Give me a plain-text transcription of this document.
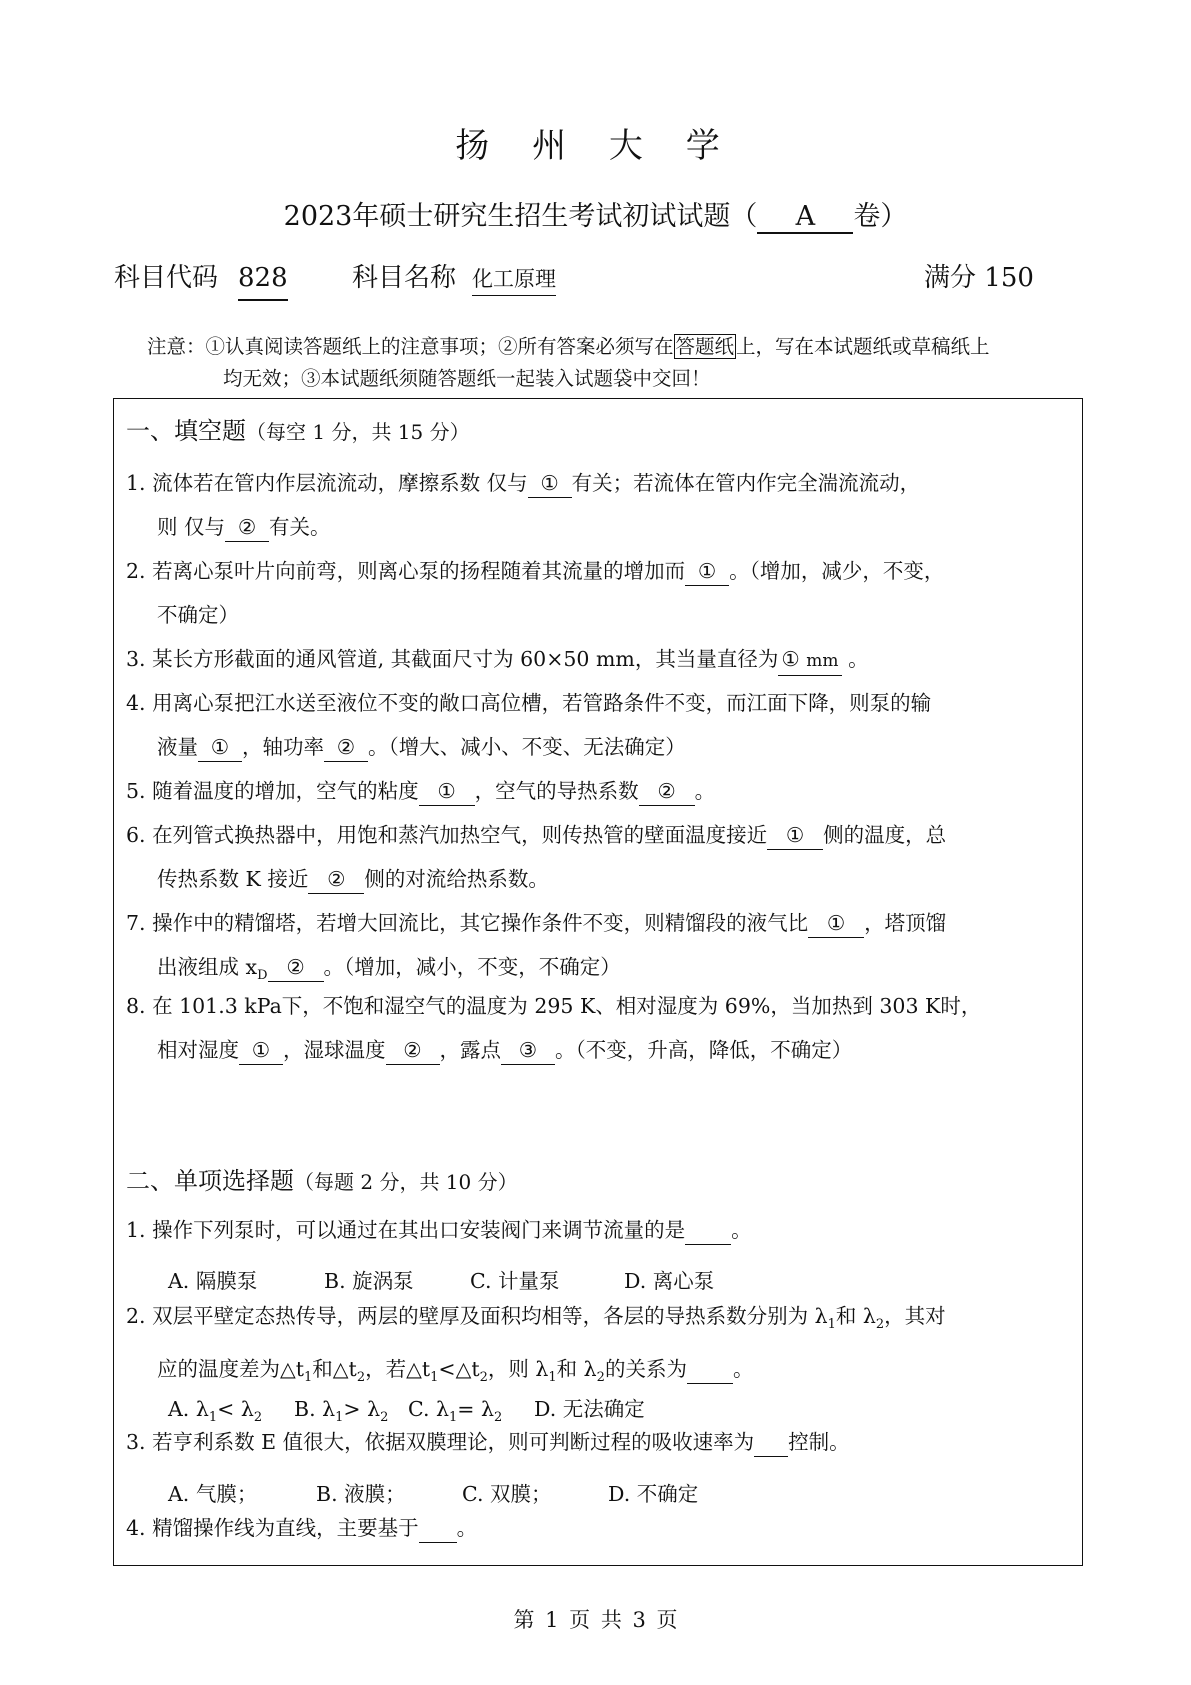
扬 州 大 学
2023年硕士研究生招生考试初试试题（ A 卷）
科目代码 828 科目名称 化工原理	满分 150
注意：①认真阅读答题纸上的注意事项；②所有答案必须写在 答题纸 上，写在本试题纸或草稿纸上
均无效；③本试题纸须随答题纸一起装入试题袋中交回！
一、填空题（每空 1 分，共 15 分）
1. 流体若在管内作层流流动，摩擦系数 仅与 ① 有关；若流体在管内作完全湍流流动，
则 仅与 ② 有关。
2. 若离心泵叶片向前弯，则离心泵的扬程随着其流量的增加而 ① 。（增加，减少，不变，
不确定）
3. 某长方形截面的通风管道, 其截面尺寸为 60×50 mm，其当量直径为 ① mm 。
4. 用离心泵把江水送至液位不变的敞口高位槽，若管路条件不变，而江面下降，则泵的输
液量 ① ，轴功率 ② 。（增大、减小、不变、无法确定）
5. 随着温度的增加，空气的粘度 ① ，空气的导热系数 ② 。
6. 在列管式换热器中，用饱和蒸汽加热空气，则传热管的壁面温度接近 ① 侧的温度，总
传热系数 K 接近 ② 侧的对流给热系数。
7. 操作中的精馏塔，若增大回流比，其它操作条件不变，则精馏段的液气比 ① ，塔顶馏
出液组成 $x_D$ ② 。（增加，减小，不变，不确定）
8. 在 101.3 kPa下，不饱和湿空气的温度为 295 K、相对湿度为 69%，当加热到 303 K时，
相对湿度 ① ，湿球温度 ② ，露点 ③ 。（不变，升高，降低，不确定）
二、单项选择题（每题 2 分，共 10 分）
1. 操作下列泵时，可以通过在其出口安装阀门来调节流量的是 。
A. 隔膜泵	B. 旋涡泵	C. 计量泵	D. 离心泵
2. 双层平壁定态热传导，两层的壁厚及面积均相等，各层的导热系数分别为 $\lambda_1$和 $\lambda_2$，其对
应的温度差为$\triangle t_1$和$\triangle t_2$，若$\triangle t_1<\triangle t_2$，则 $\lambda_1$和 $\lambda_2$的关系为 。
A. $\lambda_1< \lambda_2$ B. $\lambda_1> \lambda_2$ C. $\lambda_1= \lambda_2$ D. 无法确定
3. 若亨利系数 E 值很大，依据双膜理论，则可判断过程的吸收速率为 控制。
A. 气膜；	B. 液膜；	C. 双膜；	D. 不确定
4. 精馏操作线为直线，主要基于 。
第 1 页 共 3 页
